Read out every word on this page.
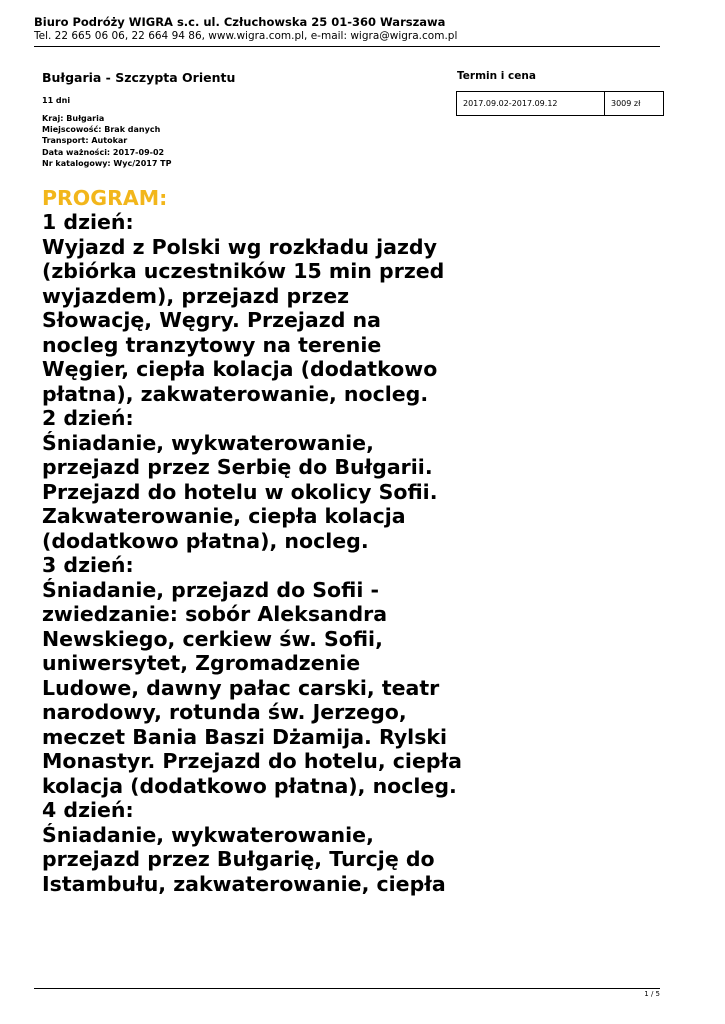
Biuro Podróży WIGRA s.c. ul. Człuchowska 25 01-360 Warszawa
Tel. 22 665 06 06, 22 664 94 86, www.wigra.com.pl, e-mail: wigra@wigra.com.pl
Bułgaria - Szczypta Orientu
11 dni
Kraj: Bułgaria
Miejscowość: Brak danych
Transport: Autokar
Data ważności: 2017-09-02
Nr katalogowy: Wyc/2017 TP
Termin i cena
2017.09.02-2017.09.12	3009 zł
PROGRAM:

1 dzień:

Wyjazd z Polski wg rozkładu jazdy (zbiórka uczestników 15 min przed wyjazdem), przejazd przez Słowację, Węgry. Przejazd na nocleg tranzytowy na terenie Węgier, ciepła kolacja (dodatkowo płatna), zakwaterowanie, nocleg.

2 dzień:

Śniadanie, wykwaterowanie, przejazd przez Serbię do Bułgarii. Przejazd do hotelu w okolicy Sofii. Zakwaterowanie, ciepła kolacja (dodatkowo płatna), nocleg.

3 dzień:

Śniadanie, przejazd do Sofii - zwiedzanie: sobór Aleksandra Newskiego, cerkiew św. Sofii, uniwersytet, Zgromadzenie Ludowe, dawny pałac carski, teatr narodowy, rotunda św. Jerzego, meczet Bania Baszi Dżamija. Rylski Monastyr. Przejazd do hotelu, ciepła kolacja (dodatkowo płatna), nocleg.

4 dzień:

Śniadanie, wykwaterowanie, przejazd przez Bułgarię, Turcję do Istambułu, zakwaterowanie, ciepła

1 / 5
